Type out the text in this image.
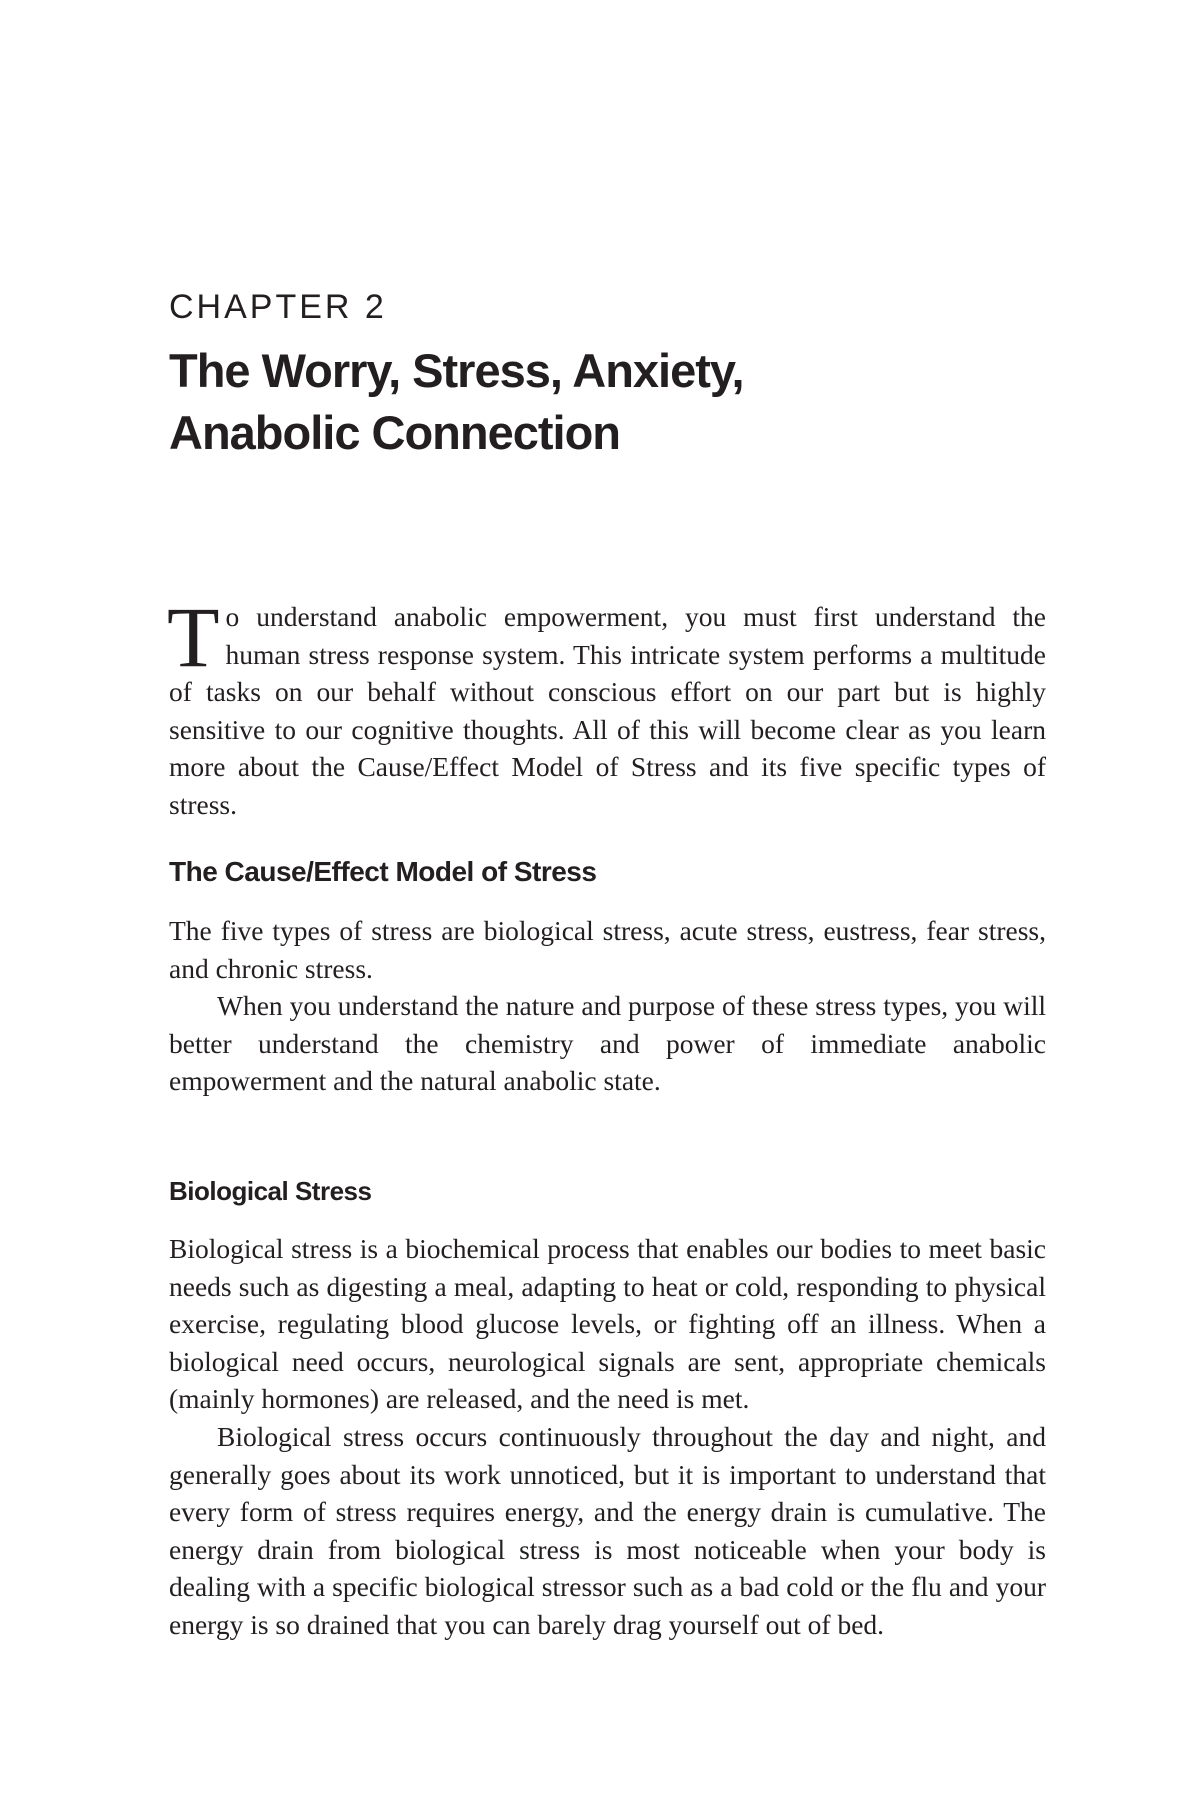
CHAPTER 2
The Worry, Stress, Anxiety,
Anabolic Connection

To understand anabolic empowerment, you must first understand the human stress response system. This intricate system performs a multitude of tasks on our behalf without conscious effort on our part but is highly sensitive to our cognitive thoughts. All of this will become clear as you learn more about the Cause/Effect Model of Stress and its five specific types of stress.

The Cause/Effect Model of Stress

The five types of stress are biological stress, acute stress, eustress, fear stress, and chronic stress.

When you understand the nature and purpose of these stress types, you will better understand the chemistry and power of immediate anabolic empowerment and the natural anabolic state.

Biological Stress

Biological stress is a biochemical process that enables our bodies to meet basic needs such as digesting a meal, adapting to heat or cold, responding to physical exercise, regulating blood glucose levels, or fighting off an illness. When a biological need occurs, neurological signals are sent, appropriate chemicals (mainly hormones) are released, and the need is met.

Biological stress occurs continuously throughout the day and night, and generally goes about its work unnoticed, but it is important to understand that every form of stress requires energy, and the energy drain is cumulative. The energy drain from biological stress is most noticeable when your body is dealing with a specific biological stressor such as a bad cold or the flu and your energy is so drained that you can barely drag yourself out of bed.
